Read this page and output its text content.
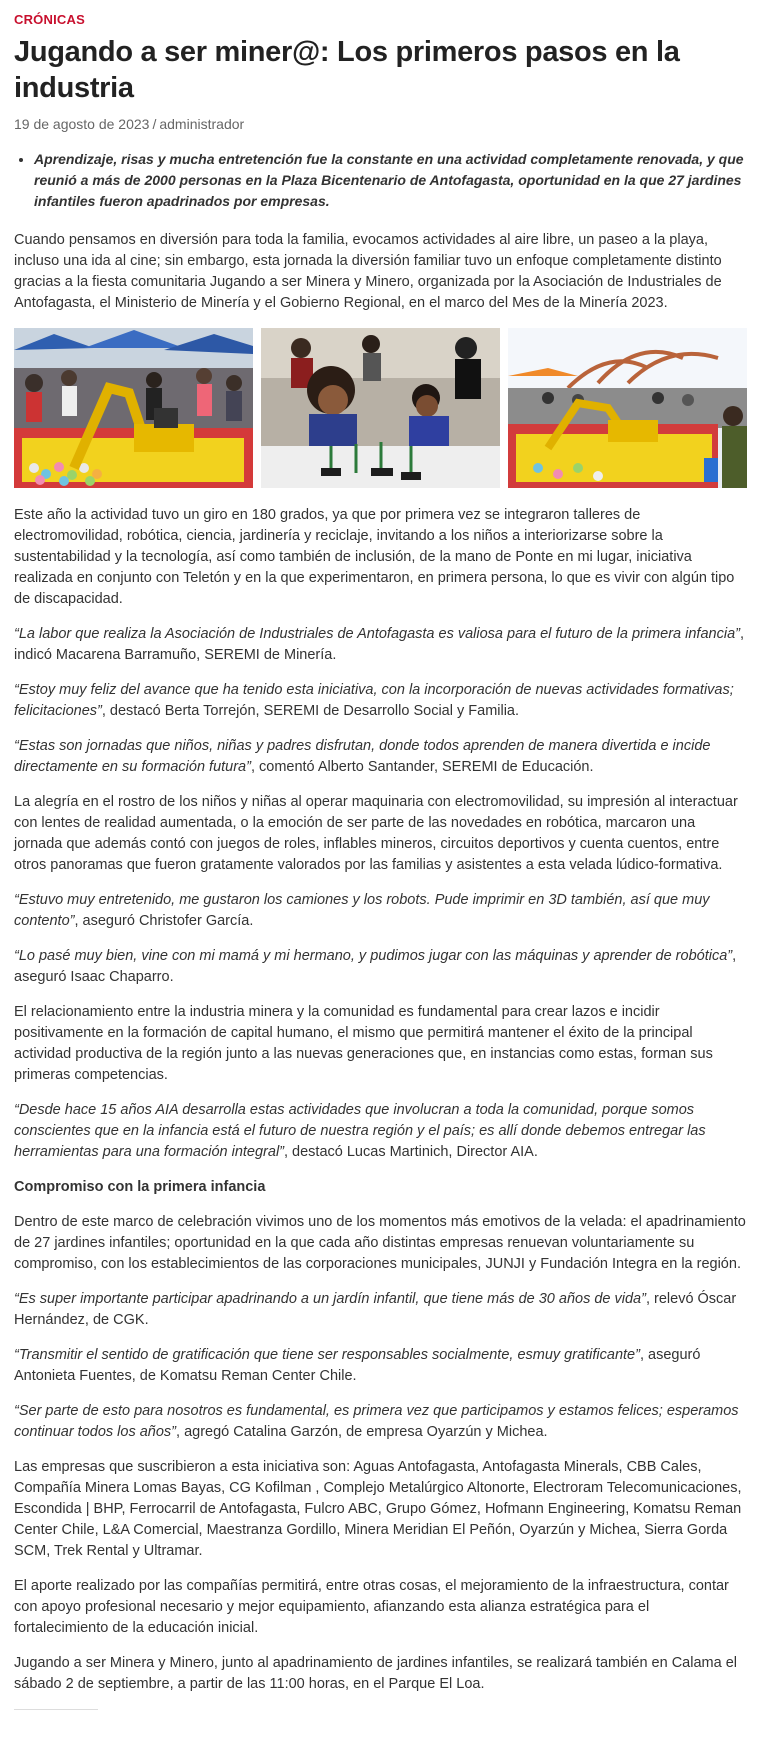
CRÓNICAS
Jugando a ser miner@: Los primeros pasos en la industria
19 de agosto de 2023 / administrador
• Aprendizaje, risas y mucha entretención fue la constante en una actividad completamente renovada, y que reunió a más de 2000 personas en la Plaza Bicentenario de Antofagasta, oportunidad en la que 27 jardines infantiles fueron apadrinados por empresas.

Cuando pensamos en diversión para toda la familia, evocamos actividades al aire libre, un paseo a la playa, incluso una ida al cine; sin embargo, esta jornada la diversión familiar tuvo un enfoque completamente distinto gracias a la fiesta comunitaria Jugando a ser Minera y Minero, organizada por la Asociación de Industriales de Antofagasta, el Ministerio de Minería y el Gobierno Regional, en el marco del Mes de la Minería 2023.

Este año la actividad tuvo un giro en 180 grados, ya que por primera vez se integraron talleres de electromovilidad, robótica, ciencia, jardinería y reciclaje, invitando a los niños a interiorizarse sobre la sustentabilidad y la tecnología, así como también de inclusión, de la mano de Ponte en mi lugar, iniciativa realizada en conjunto con Teletón y en la que experimentaron, en primera persona, lo que es vivir con algún tipo de discapacidad.

“La labor que realiza la Asociación de Industriales de Antofagasta es valiosa para el futuro de la primera infancia”, indicó Macarena Barramuño, SEREMI de Minería.

“Estoy muy feliz del avance que ha tenido esta iniciativa, con la incorporación de nuevas actividades formativas; felicitaciones”, destacó Berta Torrejón, SEREMI de Desarrollo Social y Familia.

“Estas son jornadas que niños, niñas y padres disfrutan, donde todos aprenden de manera divertida e incide directamente en su formación futura”, comentó Alberto Santander, SEREMI de Educación.

La alegría en el rostro de los niños y niñas al operar maquinaria con electromovilidad, su impresión al interactuar con lentes de realidad aumentada, o la emoción de ser parte de las novedades en robótica, marcaron una jornada que además contó con juegos de roles, inflables mineros, circuitos deportivos y cuenta cuentos, entre otros panoramas que fueron gratamente valorados por las familias y asistentes a esta velada lúdico-formativa.

“Estuvo muy entretenido, me gustaron los camiones y los robots. Pude imprimir en 3D también, así que muy contento”, aseguró Christofer García.

“Lo pasé muy bien, vine con mi mamá y mi hermano, y pudimos jugar con las máquinas y aprender de robótica”, aseguró Isaac Chaparro.

El relacionamiento entre la industria minera y la comunidad es fundamental para crear lazos e incidir positivamente en la formación de capital humano, el mismo que permitirá mantener el éxito de la principal actividad productiva de la región junto a las nuevas generaciones que, en instancias como estas, forman sus primeras competencias.

“Desde hace 15 años AIA desarrolla estas actividades que involucran a toda la comunidad, porque somos conscientes que en la infancia está el futuro de nuestra región y el país; es allí donde debemos entregar las herramientas para una formación integral”, destacó Lucas Martinich, Director AIA.

Compromiso con la primera infancia

Dentro de este marco de celebración vivimos uno de los momentos más emotivos de la velada: el apadrinamiento de 27 jardines infantiles; oportunidad en la que cada año distintas empresas renuevan voluntariamente su compromiso, con los establecimientos de las corporaciones municipales, JUNJI y Fundación Integra en la región.

“Es super importante participar apadrinando a un jardín infantil, que tiene más de 30 años de vida”, relevó Óscar Hernández, de CGK.

“Transmitir el sentido de gratificación que tiene ser responsables socialmente, esmuy gratificante”, aseguró Antonieta Fuentes, de Komatsu Reman Center Chile.

“Ser parte de esto para nosotros es fundamental, es primera vez que participamos y estamos felices; esperamos continuar todos los años”, agregó Catalina Garzón, de empresa Oyarzún y Michea.

Las empresas que suscribieron a esta iniciativa son: Aguas Antofagasta, Antofagasta Minerals, CBB Cales, Compañía Minera Lomas Bayas, CG Kofilman , Complejo Metalúrgico Altonorte, Electroram Telecomunicaciones, Escondida | BHP, Ferrocarril de Antofagasta, Fulcro ABC, Grupo Gómez, Hofmann Engineering, Komatsu Reman Center Chile, L&A Comercial, Maestranza Gordillo, Minera Meridian El Peñón, Oyarzún y Michea, Sierra Gorda SCM, Trek Rental y Ultramar.

El aporte realizado por las compañías permitirá, entre otras cosas, el mejoramiento de la infraestructura, contar con apoyo profesional necesario y mejor equipamiento, afianzando esta alianza estratégica para el fortalecimiento de la educación inicial.

Jugando a ser Minera y Minero, junto al apadrinamiento de jardines infantiles, se realizará también en Calama el sábado 2 de septiembre, a partir de las 11:00 horas, en el Parque El Loa.
